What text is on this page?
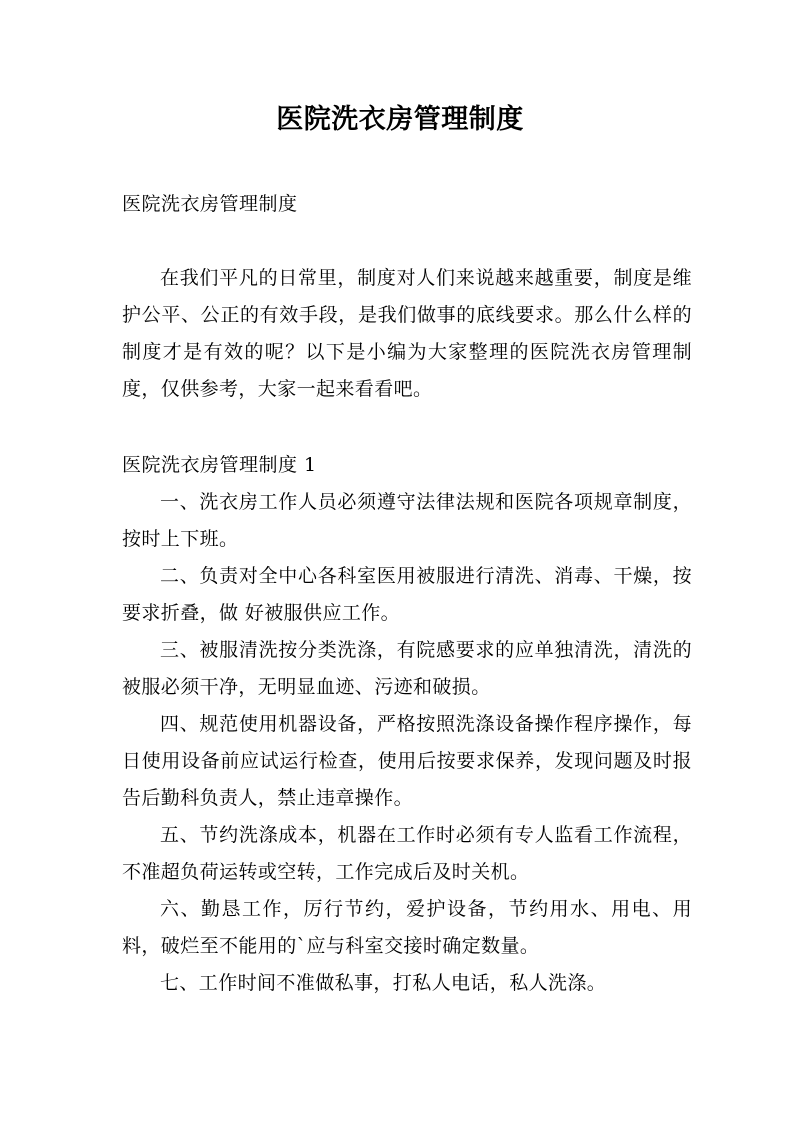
医院洗衣房管理制度
医院洗衣房管理制度

在我们平凡的日常里，制度对人们来说越来越重要，制度是维护公平、公正的有效手段，是我们做事的底线要求。那么什么样的制度才是有效的呢？以下是小编为大家整理的医院洗衣房管理制度，仅供参考，大家一起来看看吧。

医院洗衣房管理制度 1
一、洗衣房工作人员必须遵守法律法规和医院各项规章制度，按时上下班。
二、负责对全中心各科室医用被服进行清洗、消毒、干燥，按要求折叠，做 好被服供应工作。
三、被服清洗按分类洗涤，有院感要求的应单独清洗，清洗的被服必须干净，无明显血迹、污迹和破损。
四、规范使用机器设备，严格按照洗涤设备操作程序操作，每日使用设备前应试运行检查，使用后按要求保养，发现问题及时报告后勤科负责人，禁止违章操作。
五、节约洗涤成本，机器在工作时必须有专人监看工作流程，不准超负荷运转或空转，工作完成后及时关机。
六、勤恳工作，厉行节约，爱护设备，节约用水、用电、用料，破烂至不能用的`应与科室交接时确定数量。
七、工作时间不准做私事，打私人电话，私人洗涤。
